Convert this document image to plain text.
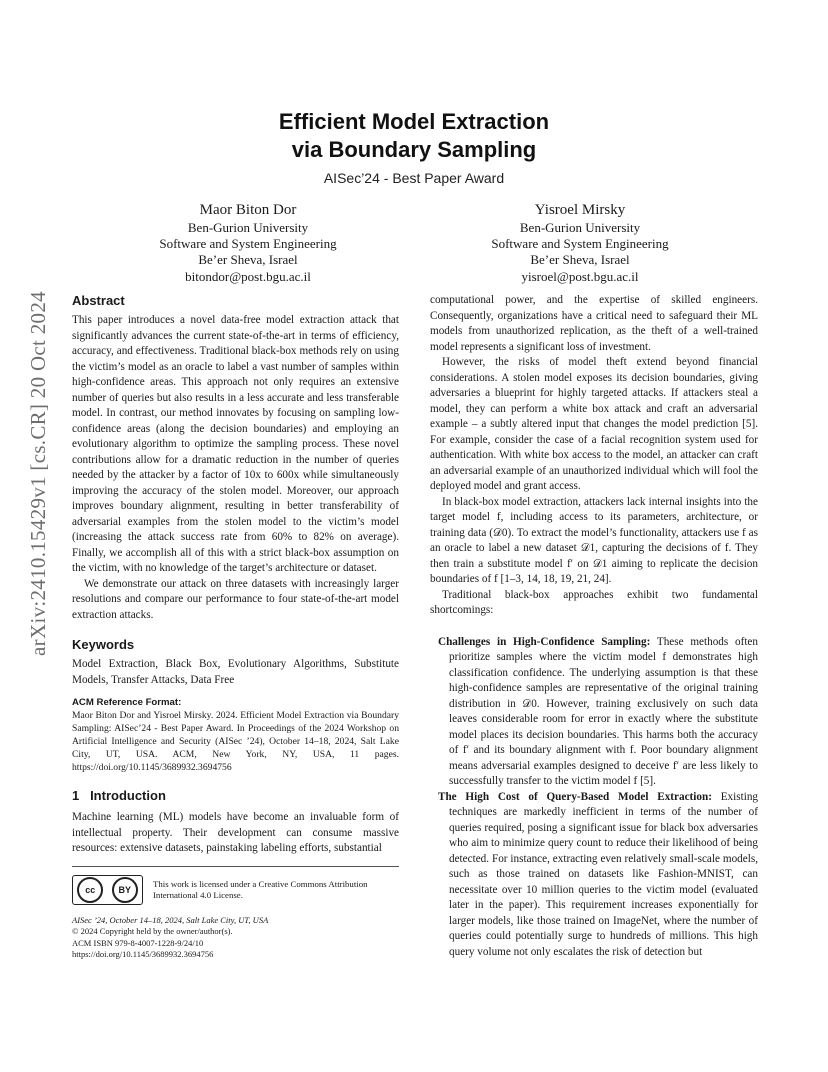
arXiv:2410.15429v1 [cs.CR] 20 Oct 2024
Efficient Model Extraction
via Boundary Sampling
AISec’24 - Best Paper Award
Maor Biton Dor
Ben-Gurion University
Software and System Engineering
Be’er Sheva, Israel
bitondor@post.bgu.ac.il
Yisroel Mirsky
Ben-Gurion University
Software and System Engineering
Be’er Sheva, Israel
yisroel@post.bgu.ac.il
Abstract

This paper introduces a novel data-free model extraction attack that significantly advances the current state-of-the-art in terms of efficiency, accuracy, and effectiveness. Traditional black-box methods rely on using the victim’s model as an oracle to label a vast number of samples within high-confidence areas. This approach not only requires an extensive number of queries but also results in a less accurate and less transferable model. In contrast, our method innovates by focusing on sampling low-confidence areas (along the decision boundaries) and employing an evolutionary algorithm to optimize the sampling process. These novel contributions allow for a dramatic reduction in the number of queries needed by the attacker by a factor of 10x to 600x while simultaneously improving the accuracy of the stolen model. Moreover, our approach improves boundary alignment, resulting in better transferability of adversarial examples from the stolen model to the victim’s model (increasing the attack success rate from 60% to 82% on average). Finally, we accomplish all of this with a strict black-box assumption on the victim, with no knowledge of the target’s architecture or dataset.

We demonstrate our attack on three datasets with increasingly larger resolutions and compare our performance to four state-of-the-art model extraction attacks.

Keywords

Model Extraction, Black Box, Evolutionary Algorithms, Substitute Models, Transfer Attacks, Data Free

ACM Reference Format:

Maor Biton Dor and Yisroel Mirsky. 2024. Efficient Model Extraction via Boundary Sampling: AISec’24 - Best Paper Award. In Proceedings of the 2024 Workshop on Artificial Intelligence and Security (AISec ’24), October 14–18, 2024, Salt Lake City, UT, USA. ACM, New York, NY, USA, 11 pages. https://doi.org/10.1145/3689932.3694756

1   Introduction

Machine learning (ML) models have become an invaluable form of intellectual property. Their development can consume massive resources: extensive datasets, painstaking labeling efforts, substantial

cc	BY
This work is licensed under a Creative Commons Attribution International 4.0 License.
AISec ’24, October 14–18, 2024, Salt Lake City, UT, USA
© 2024 Copyright held by the owner/author(s).
ACM ISBN 979-8-4007-1228-9/24/10
https://doi.org/10.1145/3689932.3694756

computational power, and the expertise of skilled engineers. Consequently, organizations have a critical need to safeguard their ML models from unauthorized replication, as the theft of a well-trained model represents a significant loss of investment.

However, the risks of model theft extend beyond financial considerations. A stolen model exposes its decision boundaries, giving adversaries a blueprint for highly targeted attacks. If attackers steal a model, they can perform a white box attack and craft an adversarial example – a subtly altered input that changes the model prediction [5]. For example, consider the case of a facial recognition system used for authentication. With white box access to the model, an attacker can craft an adversarial example of an unauthorized individual which will fool the deployed model and grant access.

In black-box model extraction, attackers lack internal insights into the target model f, including access to its parameters, architecture, or training data (𝒟0). To extract the model’s functionality, attackers use f as an oracle to label a new dataset 𝒟1, capturing the decisions of f. They then train a substitute model f′ on 𝒟1 aiming to replicate the decision boundaries of f [1–3, 14, 18, 19, 21, 24].

Traditional black-box approaches exhibit two fundamental shortcomings:

Challenges in High-Confidence Sampling: These methods often prioritize samples where the victim model f demonstrates high classification confidence. The underlying assumption is that these high-confidence samples are representative of the original training distribution in 𝒟0. However, training exclusively on such data leaves considerable room for error in exactly where the substitute model places its decision boundaries. This harms both the accuracy of f′ and its boundary alignment with f. Poor boundary alignment means adversarial examples designed to deceive f′ are less likely to successfully transfer to the victim model f [5].

The High Cost of Query-Based Model Extraction: Existing techniques are markedly inefficient in terms of the number of queries required, posing a significant issue for black box adversaries who aim to minimize query count to reduce their likelihood of being detected. For instance, extracting even relatively small-scale models, such as those trained on datasets like Fashion-MNIST, can necessitate over 10 million queries to the victim model (evaluated later in the paper). This requirement increases exponentially for larger models, like those trained on ImageNet, where the number of queries could potentially surge to hundreds of millions. This high query volume not only escalates the risk of detection but
